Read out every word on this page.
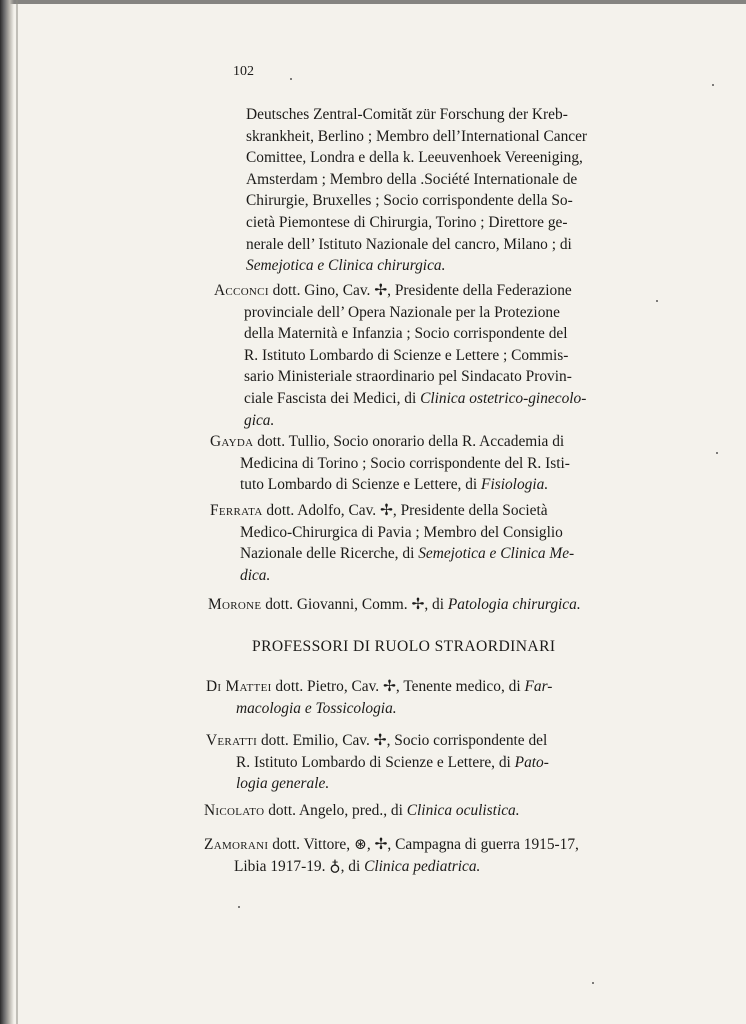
102
Deutsches Zentral-Comităt zür Forschung der Kreb-
skrankheit, Berlino ; Membro dell’International Cancer
Comittee, Londra e della k. Leeuvenhoek Vereeniging,
Amsterdam ; Membro della .Société Internationale de
Chirurgie, Bruxelles ; Socio corrispondente della So-
cietà Piemontese di Chirurgia, Torino ; Direttore ge-
nerale dell’ Istituto Nazionale del cancro, Milano ; di
Semejotica e Clinica chirurgica.
Acconci dott. Gino, Cav. ✢, Presidente della Federazione
provinciale dell’ Opera Nazionale per la Protezione
della Maternità e Infanzia ; Socio corrispondente del
R. Istituto Lombardo di Scienze e Lettere ; Commis-
sario Ministeriale straordinario pel Sindacato Provin-
ciale Fascista dei Medici, di Clinica ostetrico-ginecolo-
gica.
Gayda dott. Tullio, Socio onorario della R. Accademia di
Medicina di Torino ; Socio corrispondente del R. Isti-
tuto Lombardo di Scienze e Lettere, di Fisiologia.
Ferrata dott. Adolfo, Cav. ✢, Presidente della Società
Medico-Chirurgica di Pavia ; Membro del Consiglio
Nazionale delle Ricerche, di Semejotica e Clinica Me-
dica.
Morone dott. Giovanni, Comm. ✢, di Patologia chirurgica.
PROFESSORI DI RUOLO STRAORDINARI
Di Mattei dott. Pietro, Cav. ✢, Tenente medico, di Far-
macologia e Tossicologia.
Veratti dott. Emilio, Cav. ✢, Socio corrispondente del
R. Istituto Lombardo di Scienze e Lettere, di Pato-
logia generale.
Nicolato dott. Angelo, pred., di Clinica oculistica.
Zamorani dott. Vittore, ⊛, ✢, Campagna di guerra 1915-17,
Libia 1917-19. ♁, di Clinica pediatrica.
